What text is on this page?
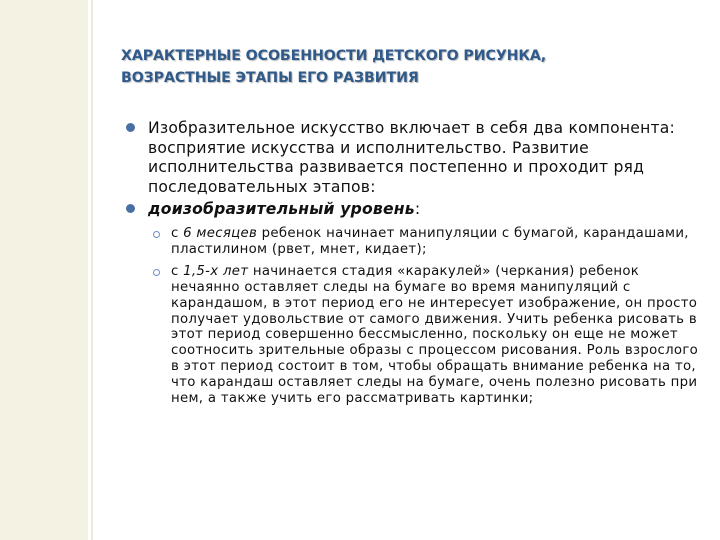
ХАРАКТЕРНЫЕ ОСОБЕННОСТИ ДЕТСКОГО РИСУНКА,
ВОЗРАСТНЫЕ ЭТАПЫ ЕГО РАЗВИТИЯ
Изобразительное искусство включает в себя два компонента: восприятие искусства и исполнительство. Развитие исполнительства развивается постепенно и проходит ряд последовательных этапов:
доизобразительный уровень:
с 6 месяцев ребенок начинает манипуляции с бумагой, карандашами, пластилином (рвет, мнет, кидает);
с 1,5-х лет начинается стадия «каракулей» (черкания) ребенок нечаянно оставляет следы на бумаге во время манипуляций с карандашом, в этот период его не интересует изображение, он просто получает удовольствие от самого движения. Учить ребенка рисовать в этот период совершенно бессмысленно, поскольку он еще не может соотносить зрительные образы с процессом рисования. Роль взрослого в этот период состоит в том, чтобы обращать внимание ребенка на то, что карандаш оставляет следы на бумаге, очень полезно рисовать при нем, а также учить его рассматривать картинки;
